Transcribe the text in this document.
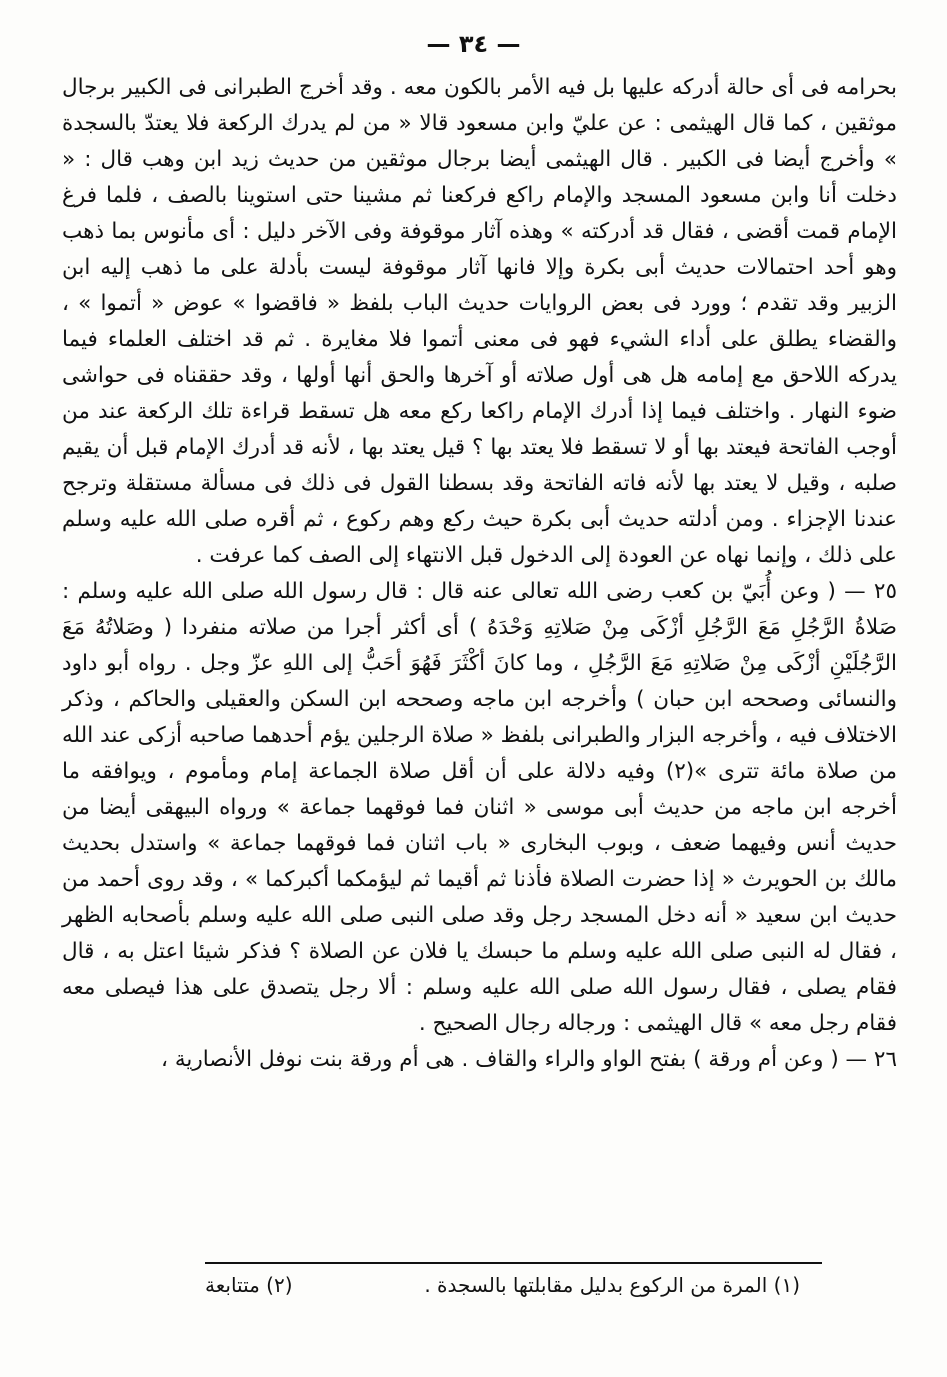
— ٣٤ —

بحرامه فى أى حالة أدركه عليها بل فيه الأمر بالكون معه . وقد أخرج الطبرانى فى الكبير برجال موثقين ، كما قال الهيثمى : عن عليّ وابن مسعود قالا « من لم يدرك الركعة فلا يعتدّ بالسجدة » وأخرج أيضا فى الكبير . قال الهيثمى أيضا برجال موثقين من حديث زيد ابن وهب قال : « دخلت أنا وابن مسعود المسجد والإمام راكع فركعنا ثم مشينا حتى استوينا بالصف ، فلما فرغ الإمام قمت أقضى ، فقال قد أدركته » وهذه آثار موقوفة وفى الآخر دليل : أى مأنوس بما ذهب وهو أحد احتمالات حديث أبى بكرة وإلا فانها آثار موقوفة ليست بأدلة على ما ذهب إليه ابن الزبير وقد تقدم ؛ وورد فى بعض الروايات حديث الباب بلفظ « فاقضوا » عوض « أتموا » ، والقضاء يطلق على أداء الشيء فهو فى معنى أتموا فلا مغايرة . ثم قد اختلف العلماء فيما يدركه اللاحق مع إمامه هل هى أول صلاته أو آخرها والحق أنها أولها ، وقد حققناه فى حواشى ضوء النهار . واختلف فيما إذا أدرك الإمام راكعا ركع معه هل تسقط قراءة تلك الركعة عند من أوجب الفاتحة فيعتد بها أو لا تسقط فلا يعتد بها ؟ قيل يعتد بها ، لأنه قد أدرك الإمام قبل أن يقيم صلبه ، وقيل لا يعتد بها لأنه فاته الفاتحة وقد بسطنا القول فى ذلك فى مسألة مستقلة وترجح عندنا الإجزاء . ومن أدلته حديث أبى بكرة حيث ركع وهم ركوع ، ثم أقره صلى الله عليه وسلم على ذلك ، وإنما نهاه عن العودة إلى الدخول قبل الانتهاء إلى الصف كما عرفت .

٢٥ — ( وعن أُبَيّ بن كعب رضى الله تعالى عنه قال : قال رسول الله صلى الله عليه وسلم : صَلاةُ الرَّجُلِ مَعَ الرَّجُلِ أزْكَى مِنْ صَلاتِهِ وَحْدَهُ ) أى أكثر أجرا من صلاته منفردا ( وصَلاتُهُ مَعَ الرَّجُلَيْنِ أزْكَى مِنْ صَلاتِهِ مَعَ الرَّجُلِ ، وما كانَ أكْثَرَ فَهُوَ أحَبُّ إلى اللهِ عزّ وجل . رواه أبو داود والنسائى وصححه ابن حبان ) وأخرجه ابن ماجه وصححه ابن السكن والعقيلى والحاكم ، وذكر الاختلاف فيه ، وأخرجه البزار والطبرانى بلفظ « صلاة الرجلين يؤم أحدهما صاحبه أزكى عند الله من صلاة مائة تترى »(٢) وفيه دلالة على أن أقل صلاة الجماعة إمام ومأموم ، ويوافقه ما أخرجه ابن ماجه من حديث أبى موسى « اثنان فما فوقهما جماعة » ورواه البيهقى أيضا من حديث أنس وفيهما ضعف ، وبوب البخارى « باب اثنان فما فوقهما جماعة » واستدل بحديث مالك بن الحويرث « إذا حضرت الصلاة فأذنا ثم أقيما ثم ليؤمكما أكبركما » ، وقد روى أحمد من حديث ابن سعيد « أنه دخل المسجد رجل وقد صلى النبى صلى الله عليه وسلم بأصحابه الظهر ، فقال له النبى صلى الله عليه وسلم ما حبسك يا فلان عن الصلاة ؟ فذكر شيئا اعتل به ، قال فقام يصلى ، فقال رسول الله صلى الله عليه وسلم : ألا رجل يتصدق على هذا فيصلى معه فقام رجل معه » قال الهيثمى : ورجاله رجال الصحيح .

٢٦ — ( وعن أم ورقة ) بفتح الواو والراء والقاف . هى أم ورقة بنت نوفل الأنصارية ،

(١) المرة من الركوع بدليل مقابلتها بالسجدة .
(٢) متتابعة
